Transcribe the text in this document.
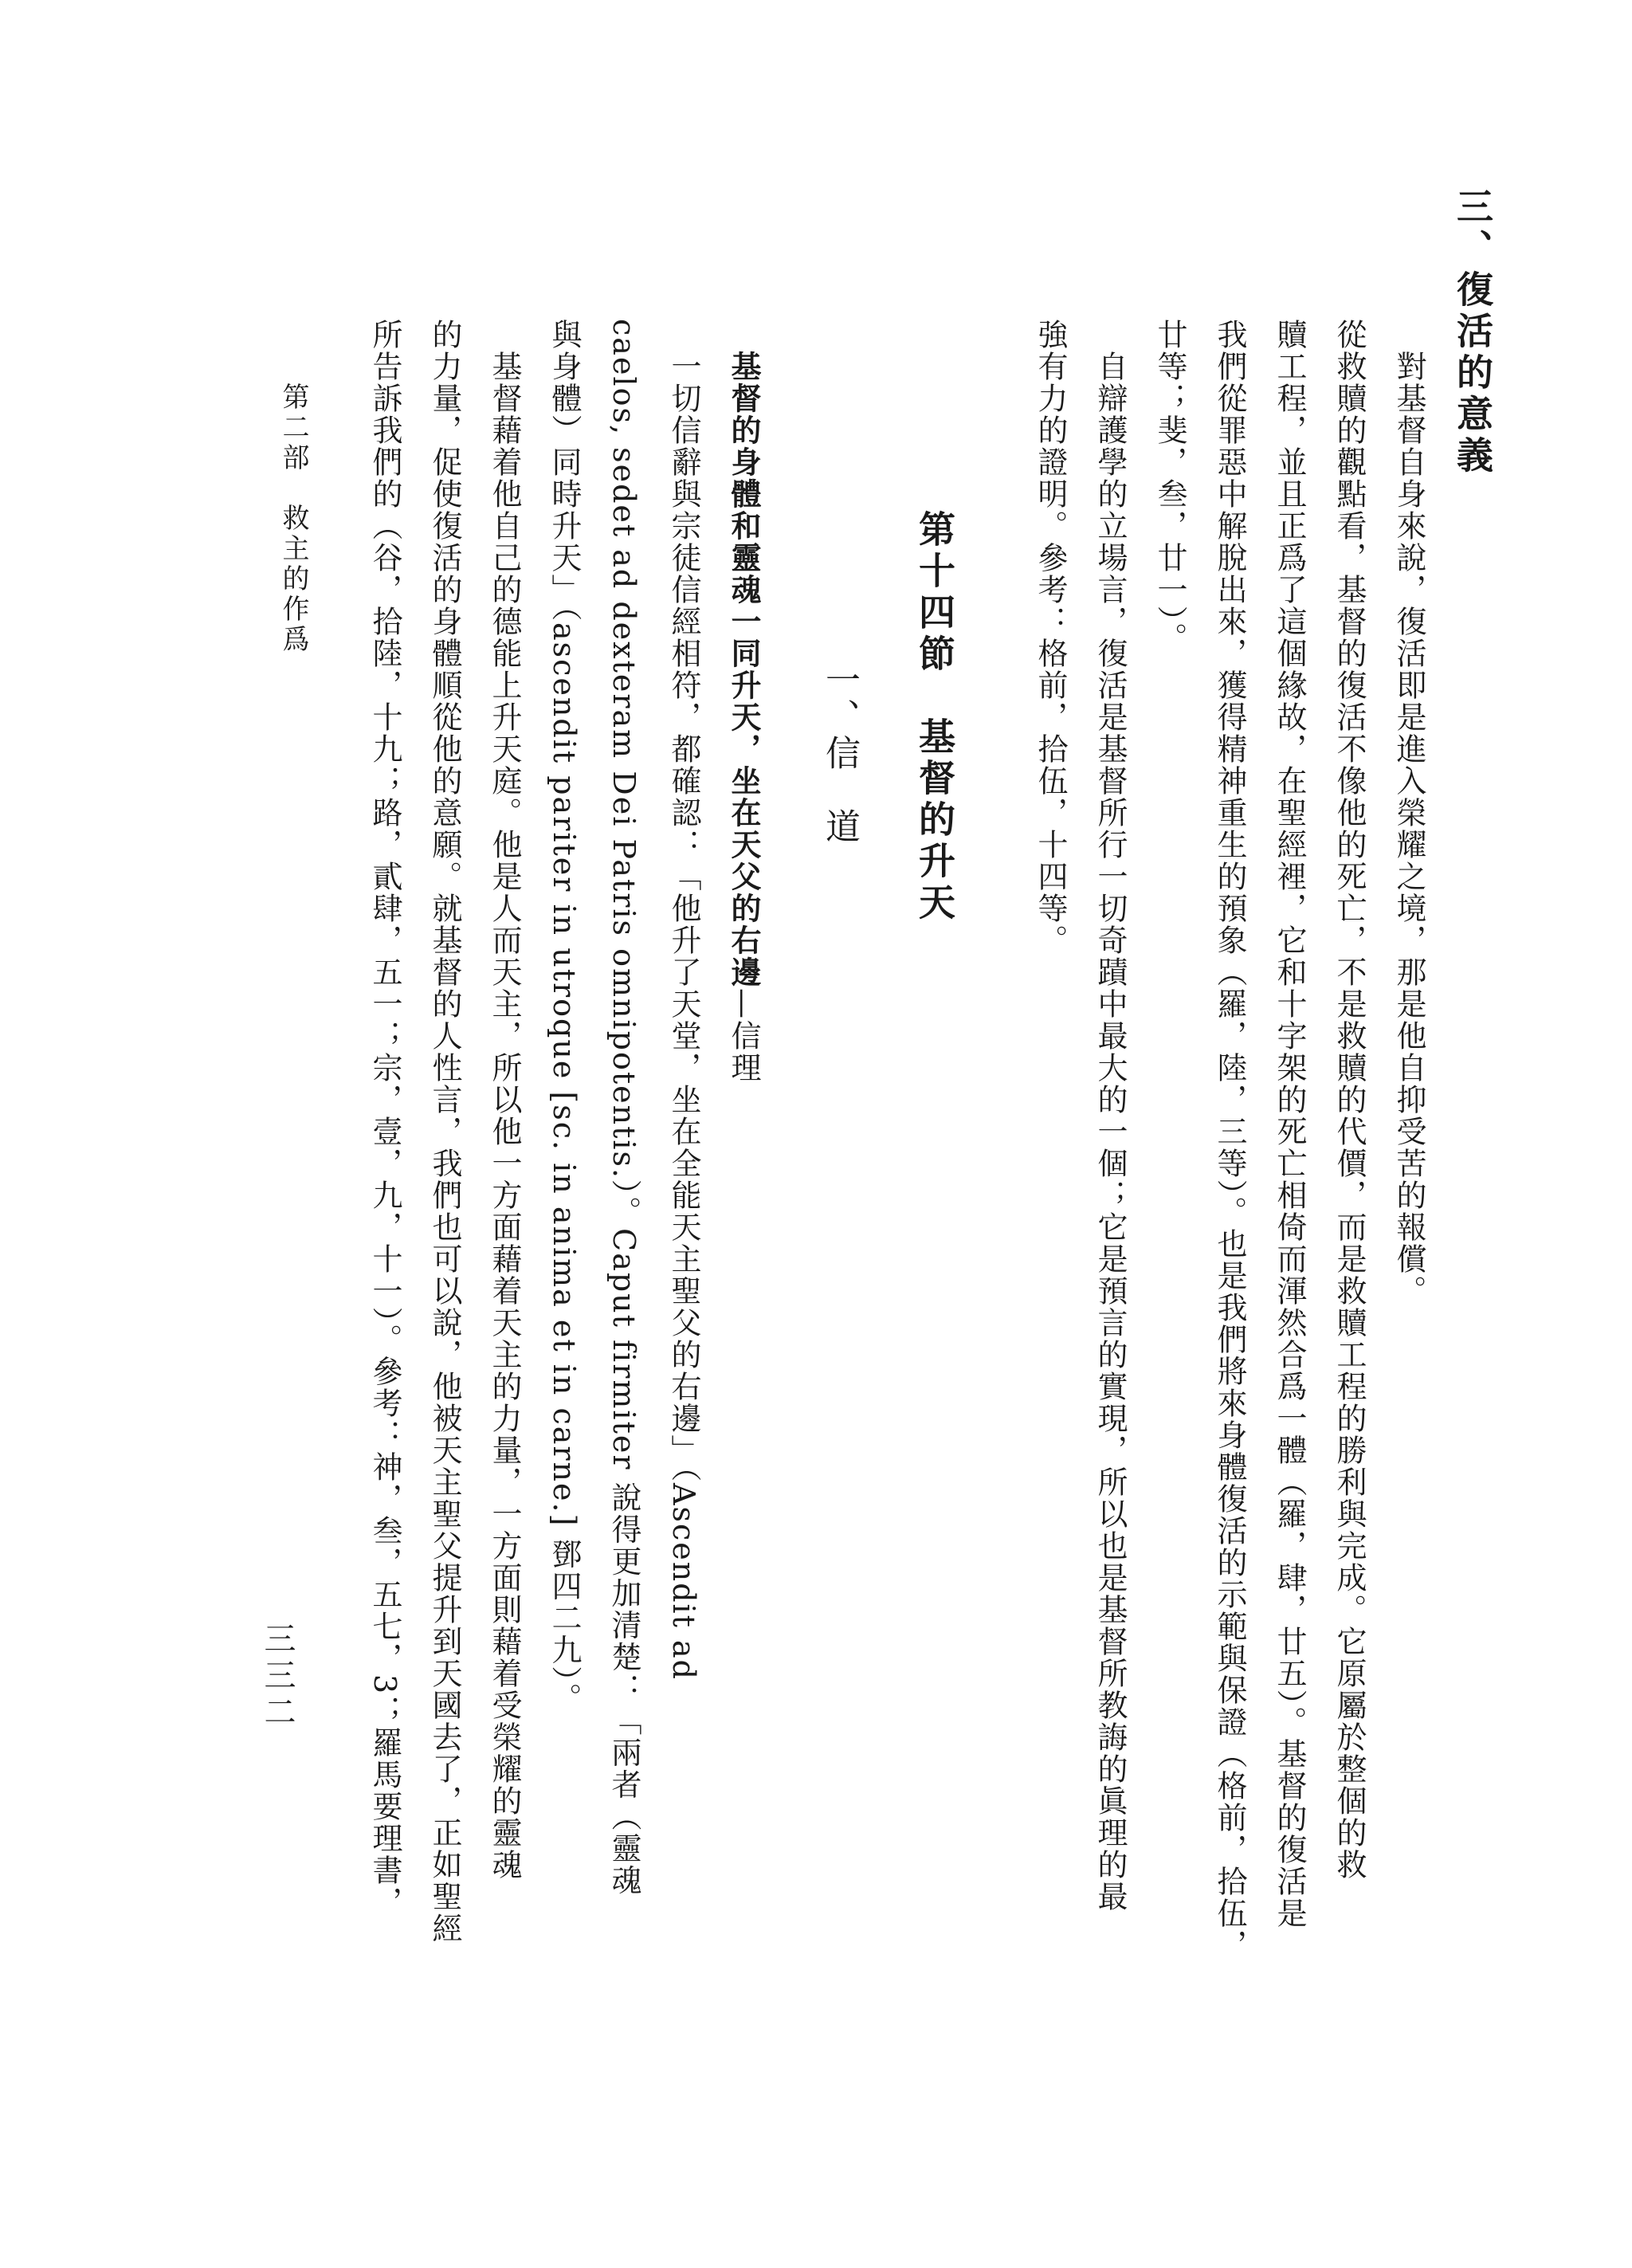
三、復活的意義
對基督自身來說，復活即是進入榮耀之境，那是他自抑受苦的報償。
從救贖的觀點看，基督的復活不像他的死亡，不是救贖的代價，而是救贖工程的勝利與完成。它原屬於整個的救
贖工程，並且正爲了這個緣故，在聖經裡，它和十字架的死亡相倚而渾然合爲一體（羅，肆，廿五）。基督的復活是
我們從罪惡中解脫出來，獲得精神重生的預象（羅，陸，三等）。也是我們將來身體復活的示範與保證（格前，拾伍，
廿等；斐，叁，廿一）。
自辯護學的立場言，復活是基督所行一切奇蹟中最大的一個；它是預言的實現，所以也是基督所教誨的眞理的最
強有力的證明。參考：格前，拾伍，十四等。
第十四節　基督的升天
一、信　道
基督的身體和靈魂一同升天，坐在天父的右邊—信理
一切信辭與宗徒信經相符，都確認：「他升了天堂，坐在全能天主聖父的右邊」（Ascendit ad
caelos, sedet ad dexteram Dei Patris omnipotentis.）。Caput firmiter 說得更加清楚：「兩者（靈魂
與身體）同時升天」（ascendit pariter in utroque [sc. in anima et in carne.] 鄧四二九）。
基督藉着他自己的德能上升天庭。他是人而天主，所以他一方面藉着天主的力量，一方面則藉着受榮耀的靈魂
的力量，促使復活的身體順從他的意願。就基督的人性言，我們也可以說，他被天主聖父提升到天國去了，正如聖經
所告訴我們的（谷，拾陸，十九；路，貳肆，五一；宗，壹，九，十一）。參考：神，叁，五七，3；羅馬要理書，
第二部　救主的作爲
三三二
